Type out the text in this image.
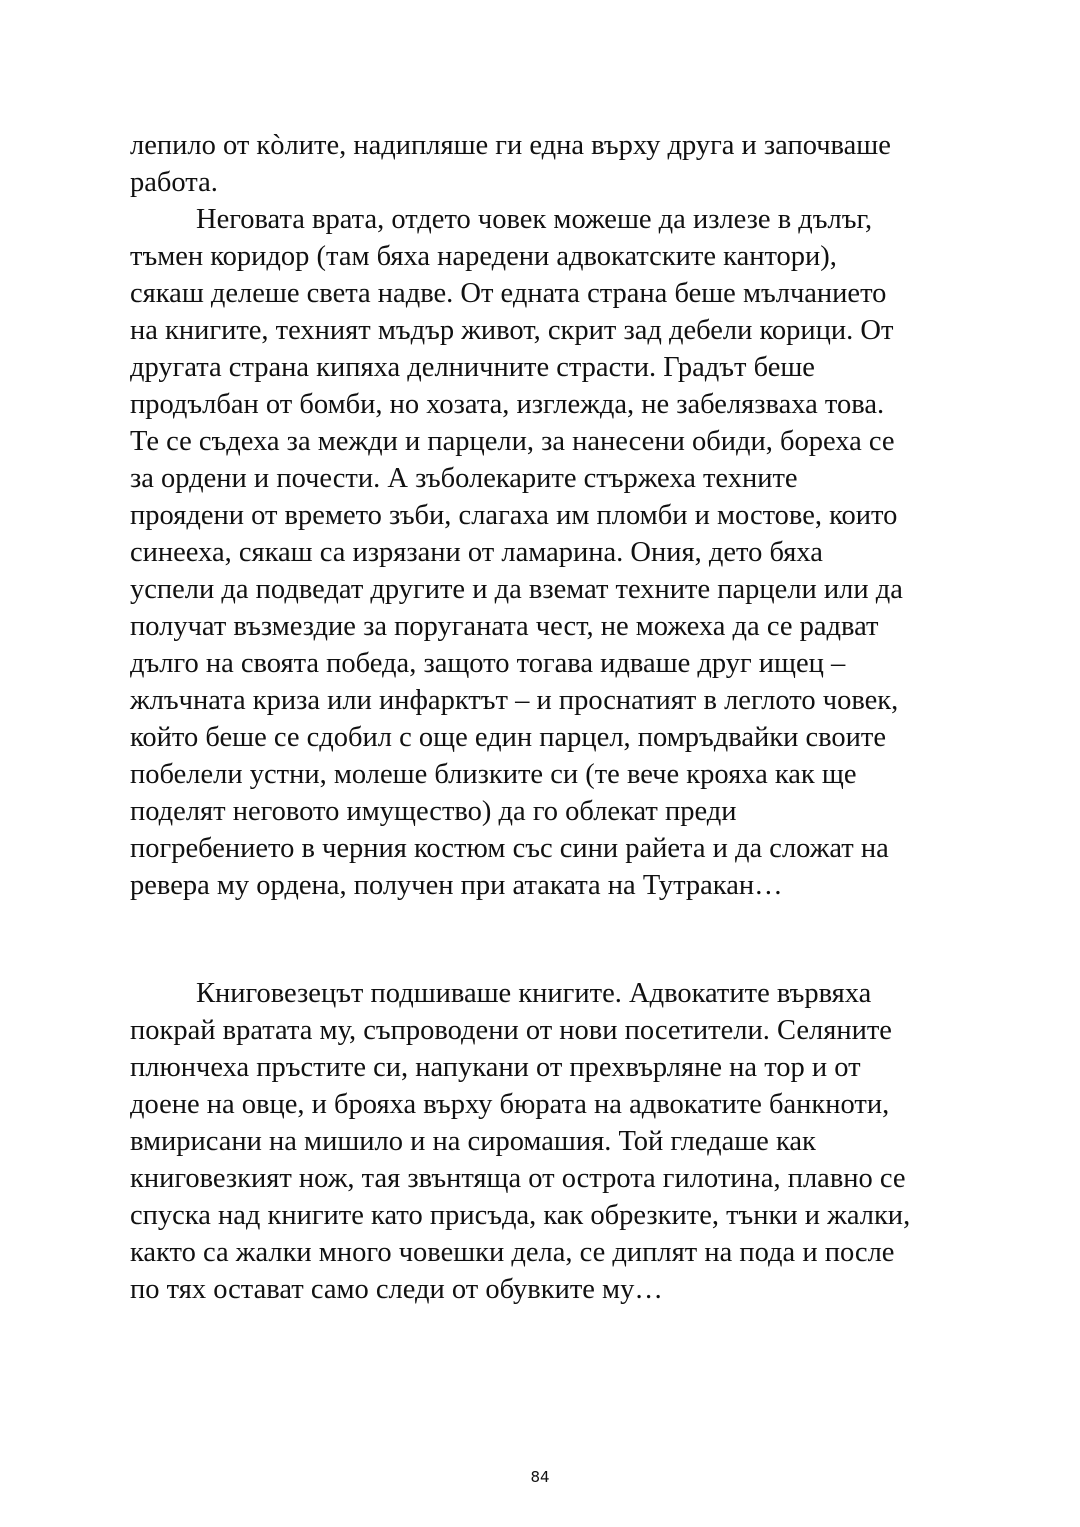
лепило от кòлите, надипляше ги една върху друга и започваше
работа.
Неговата врата, отдето човек можеше да излезе в дълъг,
тъмен коридор (там бяха наредени адвокатските кантори),
сякаш делеше света надве. От едната страна беше мълчанието
на книгите, техният мъдър живот, скрит зад дебели корици. От
другата страна кипяха делничните страсти. Градът беше
продълбан от бомби, но хозата, изглежда, не забелязваха това.
Те се съдеха за межди и парцели, за нанесени обиди, бореха се
за ордени и почести. А зъболекарите стържеха техните
проядени от времето зъби, слагаха им пломби и мостове, които
синееха, сякаш са изрязани от ламарина. Ония, дето бяха
успели да подведат другите и да вземат техните парцели или да
получат възмездие за поруганата чест, не можеха да се радват
дълго на своята победа, защото тогава идваше друг ищец –
жлъчната криза или инфарктът – и проснатият в леглото човек,
който беше се сдобил с още един парцел, помръдвайки своите
побелели устни, молеше близките си (те вече крояха как ще
поделят неговото имущество) да го облекат преди
погребението в черния костюм със сини райета и да сложат на
ревера му ордена, получен при атаката на Тутракан…
Книговезецът подшиваше книгите. Адвокатите вървяха
покрай вратата му, съпроводени от нови посетители. Селяните
плюнчеха пръстите си, напукани от прехвърляне на тор и от
доене на овце, и брояха върху бюрата на адвокатите банкноти,
вмирисани на мишило и на сиромашия. Той гледаше как
книговезкият нож, тая звънтяща от острота гилотина, плавно се
спуска над книгите като присъда, как обрезките, тънки и жалки,
както са жалки много човешки дела, се диплят на пода и после
по тях остават само следи от обувките му…
84
